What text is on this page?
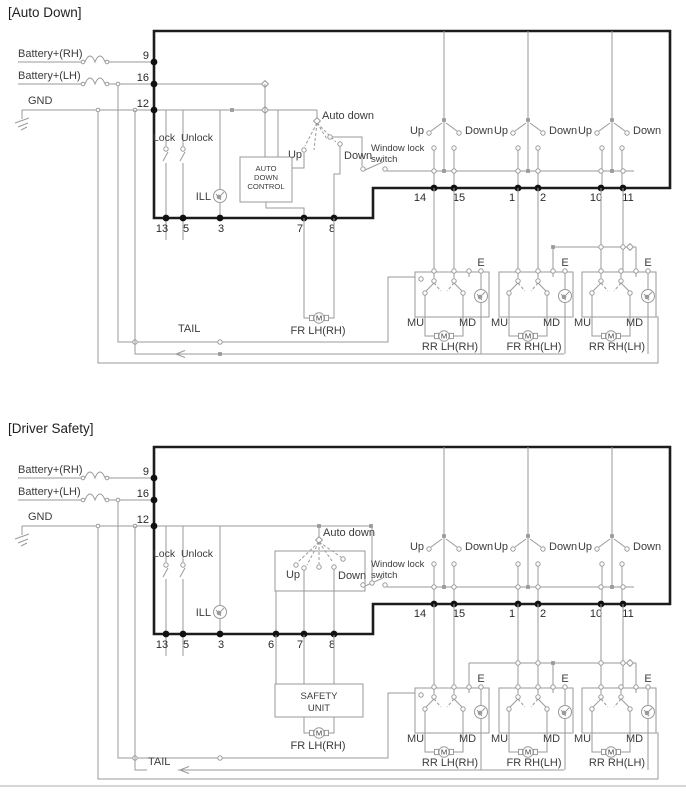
[Auto Down]
Battery+(RH)
Battery+(LH)
GND
TAIL
Lock Unlock
ILL
Auto down
Up	Down
AUTO
DOWN
CONTROL
Window lock
switch
Up	Down Up	Down Up	Down
9
16
12
13 5	3	7 8
14 15	1 2	10 11
M
FR LH(RH)	M
MU	MD
E
RR LH(RH)
M
MU	MD
E
FR RH(LH)
M
MU	MD
E
RR RH(LH)
[Driver Safety]
Battery+(RH)
Battery+(LH)
GND
TAIL
Lock Unlock
ILL
Auto down
Up	Down
Window lock
switch
Up	Down Up	Down Up	Down
9
16
12
13 5	3	6 7 8
14 15	1 2	10 11
SAFETY
UNIT
M
FR LH(RH)
M
MU	MD
E
RR LH(RH)
M
MU	MD
E
FR RH(LH)
M
MU	MD
E
RR RH(LH)
